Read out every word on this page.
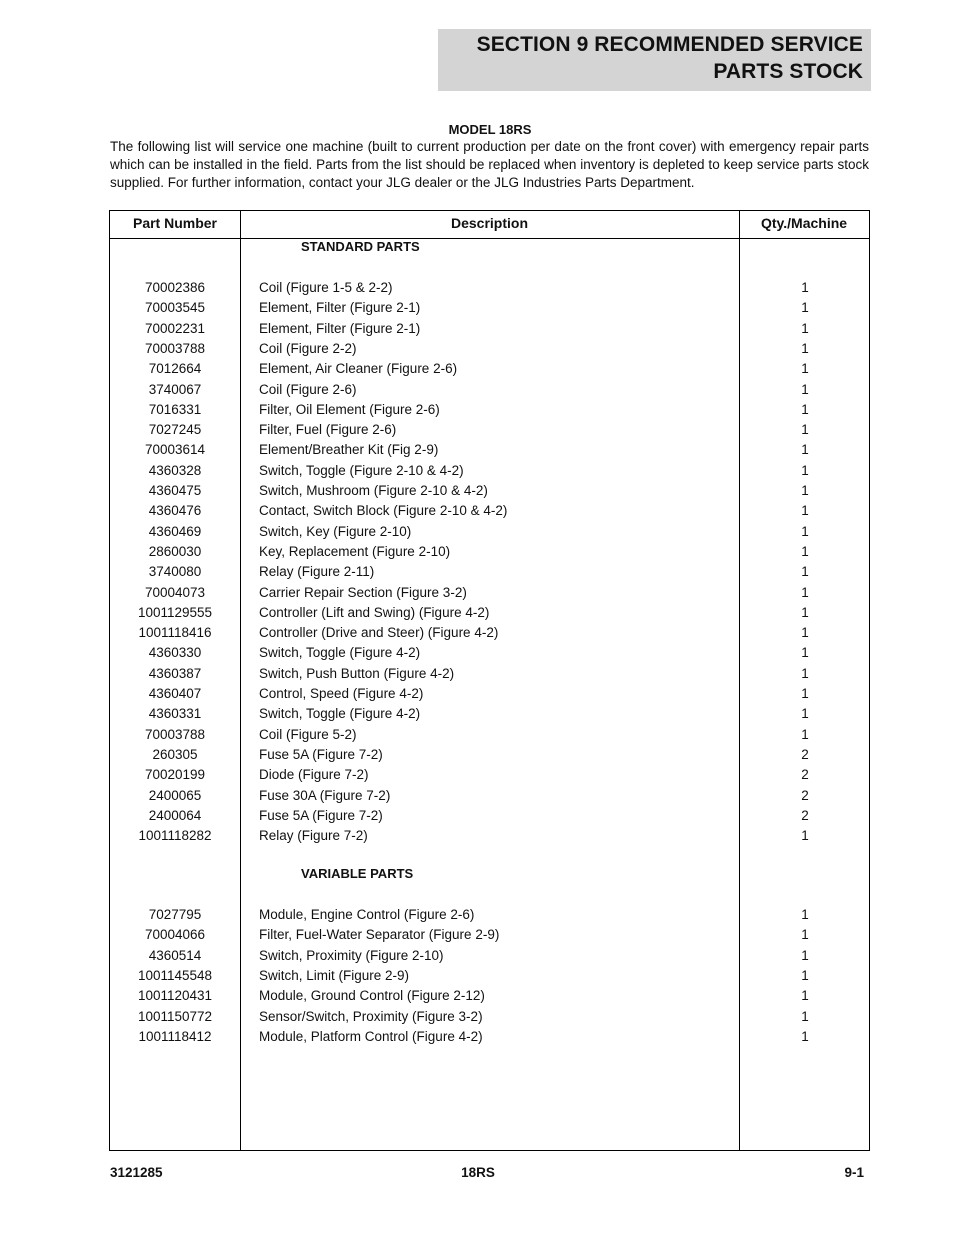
SECTION 9 RECOMMENDED SERVICE
PARTS STOCK
MODEL 18RS

The following list will service one machine (built to current production per date on the front cover) with emergency repair parts which can be installed in the field. Parts from the list should be replaced when inventory is depleted to keep service parts stock supplied. For further information, contact your JLG dealer or the JLG Industries Parts Department.

Part Number	Description	Qty./Machine
STANDARD PARTS
70002386	Coil (Figure 1-5 & 2-2)	1
70003545	Element, Filter (Figure 2-1)	1
70002231	Element, Filter (Figure 2-1)	1
70003788	Coil (Figure 2-2)	1
7012664	Element, Air Cleaner (Figure 2-6)	1
3740067	Coil (Figure 2-6)	1
7016331	Filter, Oil Element (Figure 2-6)	1
7027245	Filter, Fuel (Figure 2-6)	1
70003614	Element/Breather Kit (Fig 2-9)	1
4360328	Switch, Toggle (Figure 2-10 & 4-2)	1
4360475	Switch, Mushroom (Figure 2-10 & 4-2)	1
4360476	Contact, Switch Block (Figure 2-10 & 4-2)	1
4360469	Switch, Key (Figure 2-10)	1
2860030	Key, Replacement (Figure 2-10)	1
3740080	Relay (Figure 2-11)	1
70004073	Carrier Repair Section (Figure 3-2)	1
1001129555	Controller (Lift and Swing) (Figure 4-2)	1
1001118416	Controller (Drive and Steer) (Figure 4-2)	1
4360330	Switch, Toggle (Figure 4-2)	1
4360387	Switch, Push Button (Figure 4-2)	1
4360407	Control, Speed (Figure 4-2)	1
4360331	Switch, Toggle (Figure 4-2)	1
70003788	Coil (Figure 5-2)	1
260305	Fuse 5A (Figure 7-2)	2
70020199	Diode (Figure 7-2)	2
2400065	Fuse 30A (Figure 7-2)	2
2400064	Fuse 5A (Figure 7-2)	2
1001118282	Relay (Figure 7-2)	1
VARIABLE PARTS
7027795	Module, Engine Control (Figure 2-6)	1
70004066	Filter, Fuel-Water Separator (Figure 2-9)	1
4360514	Switch, Proximity (Figure 2-10)	1
1001145548	Switch, Limit (Figure 2-9)	1
1001120431	Module, Ground Control (Figure 2-12)	1
1001150772	Sensor/Switch, Proximity (Figure 3-2)	1
1001118412	Module, Platform Control (Figure 4-2)	1
3121285	18RS	9-1
